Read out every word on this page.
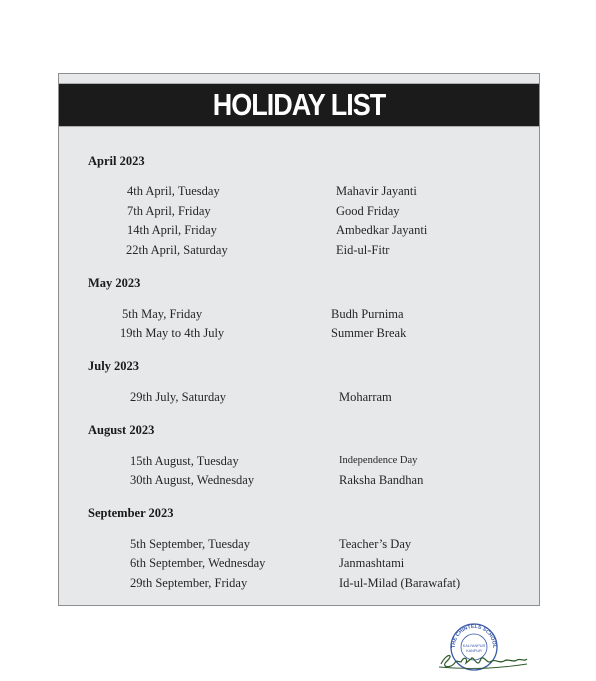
HOLIDAY LIST
April 2023
4th April, Tuesday	Mahavir Jayanti
7th April, Friday	Good Friday
14th April, Friday	Ambedkar Jayanti
22th April, Saturday	Eid-ul-Fitr
May 2023
5th May, Friday	Budh Purnima
19th May to 4th July	Summer Break
July 2023
29th July, Saturday	Moharram
August 2023
15th August, Tuesday	Independence Day
30th August, Wednesday	Raksha Bandhan
September 2023
5th September, Tuesday	Teacher’s Day
6th September, Wednesday	Janmashtami
29th September, Friday	Id-ul-Milad (Barawafat)
THE CHINTELS SCHOOL
KALYANPUR
KANPUR
